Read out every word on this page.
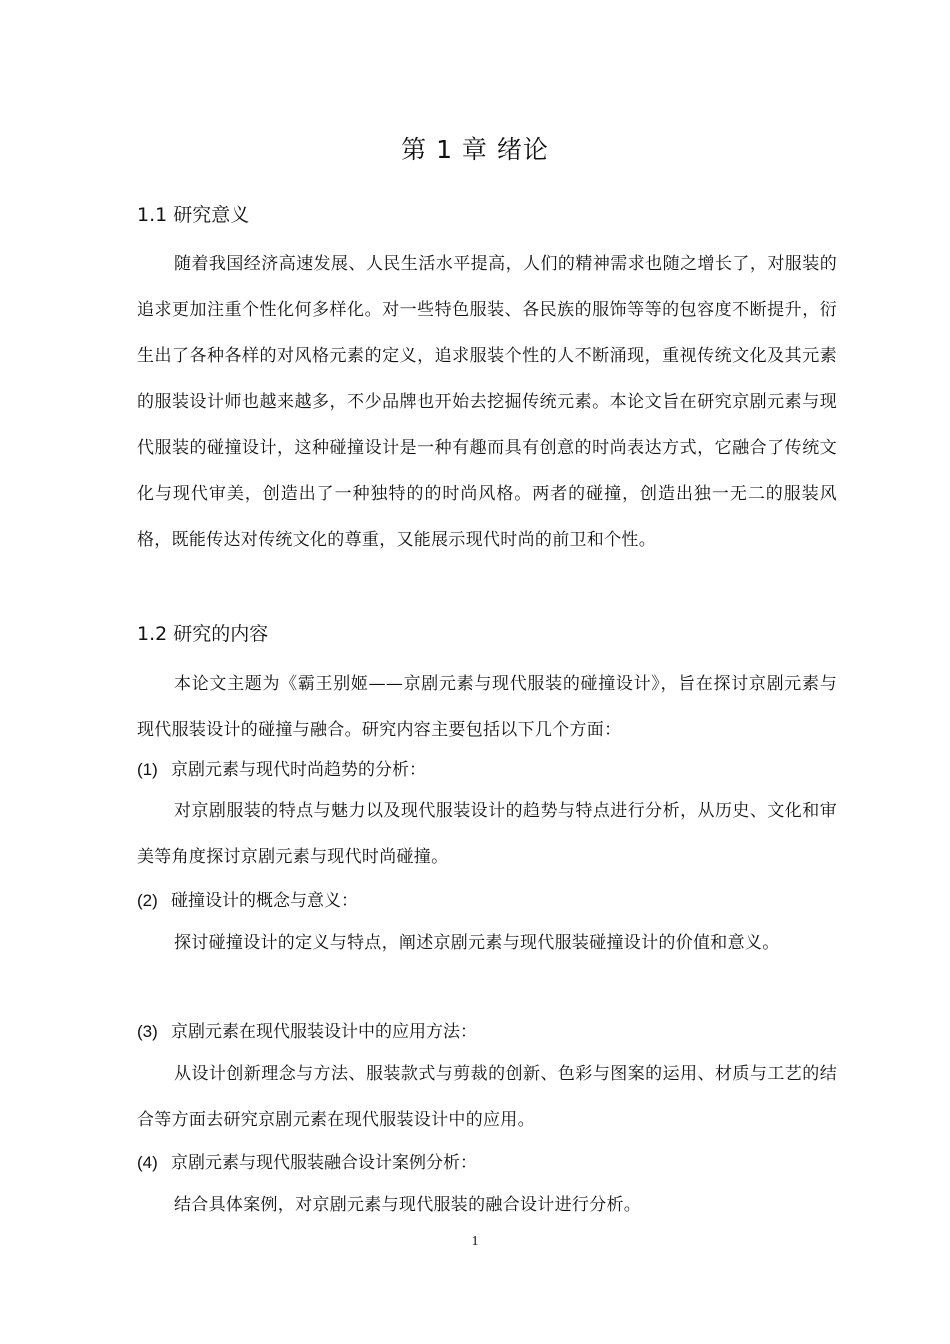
第 1 章 绪论
1.1 研究意义
随着我国经济高速发展、人民生活水平提高，人们的精神需求也随之增长了，对服装的追求更加注重个性化何多样化。对一些特色服装、各民族的服饰等等的包容度不断提升，衍生出了各种各样的对风格元素的定义，追求服装个性的人不断涌现，重视传统文化及其元素的服装设计师也越来越多，不少品牌也开始去挖掘传统元素。本论文旨在研究京剧元素与现代服装的碰撞设计，这种碰撞设计是一种有趣而具有创意的时尚表达方式，它融合了传统文化与现代审美，创造出了一种独特的的时尚风格。两者的碰撞，创造出独一无二的服装风格，既能传达对传统文化的尊重，又能展示现代时尚的前卫和个性。
1.2 研究的内容
本论文主题为《霸王别姬——京剧元素与现代服装的碰撞设计》，旨在探讨京剧元素与现代服装设计的碰撞与融合。研究内容主要包括以下几个方面：
(1) 京剧元素与现代时尚趋势的分析：
对京剧服装的特点与魅力以及现代服装设计的趋势与特点进行分析，从历史、文化和审美等角度探讨京剧元素与现代时尚碰撞。
(2) 碰撞设计的概念与意义：
探讨碰撞设计的定义与特点，阐述京剧元素与现代服装碰撞设计的价值和意义。
(3) 京剧元素在现代服装设计中的应用方法：
从设计创新理念与方法、服装款式与剪裁的创新、色彩与图案的运用、材质与工艺的结合等方面去研究京剧元素在现代服装设计中的应用。
(4) 京剧元素与现代服装融合设计案例分析：
结合具体案例，对京剧元素与现代服装的融合设计进行分析。
1
